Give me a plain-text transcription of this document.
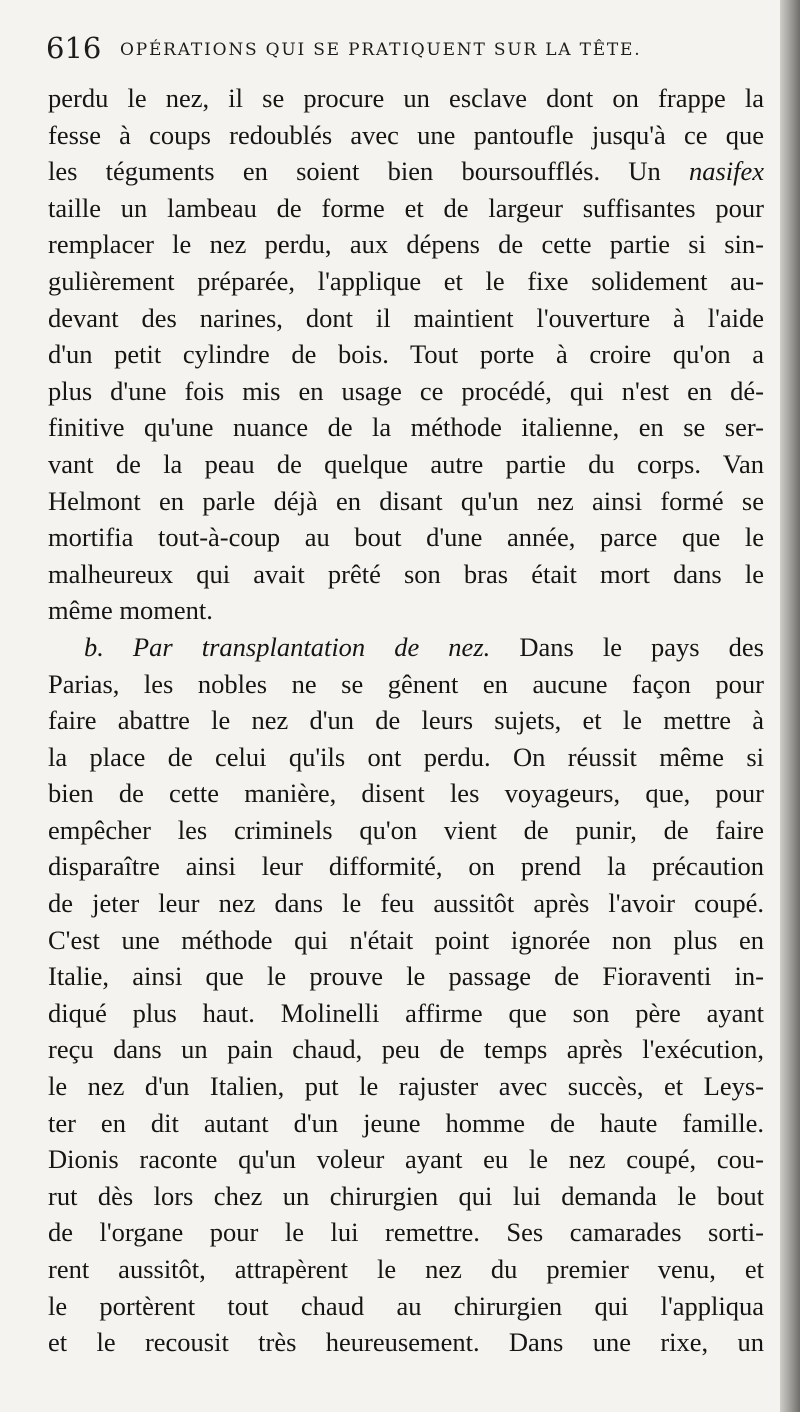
616 OPÉRATIONS QUI SE PRATIQUENT SUR LA TÊTE.
perdu le nez, il se procure un esclave dont on frappe la
fesse à coups redoublés avec une pantoufle jusqu'à ce que
les téguments en soient bien boursoufflés. Un nasifex
taille un lambeau de forme et de largeur suffisantes pour
remplacer le nez perdu, aux dépens de cette partie si sin-
gulièrement préparée, l'applique et le fixe solidement au-
devant des narines, dont il maintient l'ouverture à l'aide
d'un petit cylindre de bois. Tout porte à croire qu'on a
plus d'une fois mis en usage ce procédé, qui n'est en dé-
finitive qu'une nuance de la méthode italienne, en se ser-
vant de la peau de quelque autre partie du corps. Van
Helmont en parle déjà en disant qu'un nez ainsi formé se
mortifia tout-à-coup au bout d'une année, parce que le
malheureux qui avait prêté son bras était mort dans le
même moment.
b. Par transplantation de nez. Dans le pays des
Parias, les nobles ne se gênent en aucune façon pour
faire abattre le nez d'un de leurs sujets, et le mettre à
la place de celui qu'ils ont perdu. On réussit même si
bien de cette manière, disent les voyageurs, que, pour
empêcher les criminels qu'on vient de punir, de faire
disparaître ainsi leur difformité, on prend la précaution
de jeter leur nez dans le feu aussitôt après l'avoir coupé.
C'est une méthode qui n'était point ignorée non plus en
Italie, ainsi que le prouve le passage de Fioraventi in-
diqué plus haut. Molinelli affirme que son père ayant
reçu dans un pain chaud, peu de temps après l'exécution,
le nez d'un Italien, put le rajuster avec succès, et Leys-
ter en dit autant d'un jeune homme de haute famille.
Dionis raconte qu'un voleur ayant eu le nez coupé, cou-
rut dès lors chez un chirurgien qui lui demanda le bout
de l'organe pour le lui remettre. Ses camarades sorti-
rent aussitôt, attrapèrent le nez du premier venu, et
le portèrent tout chaud au chirurgien qui l'appliqua
et le recousit très heureusement. Dans une rixe, un
